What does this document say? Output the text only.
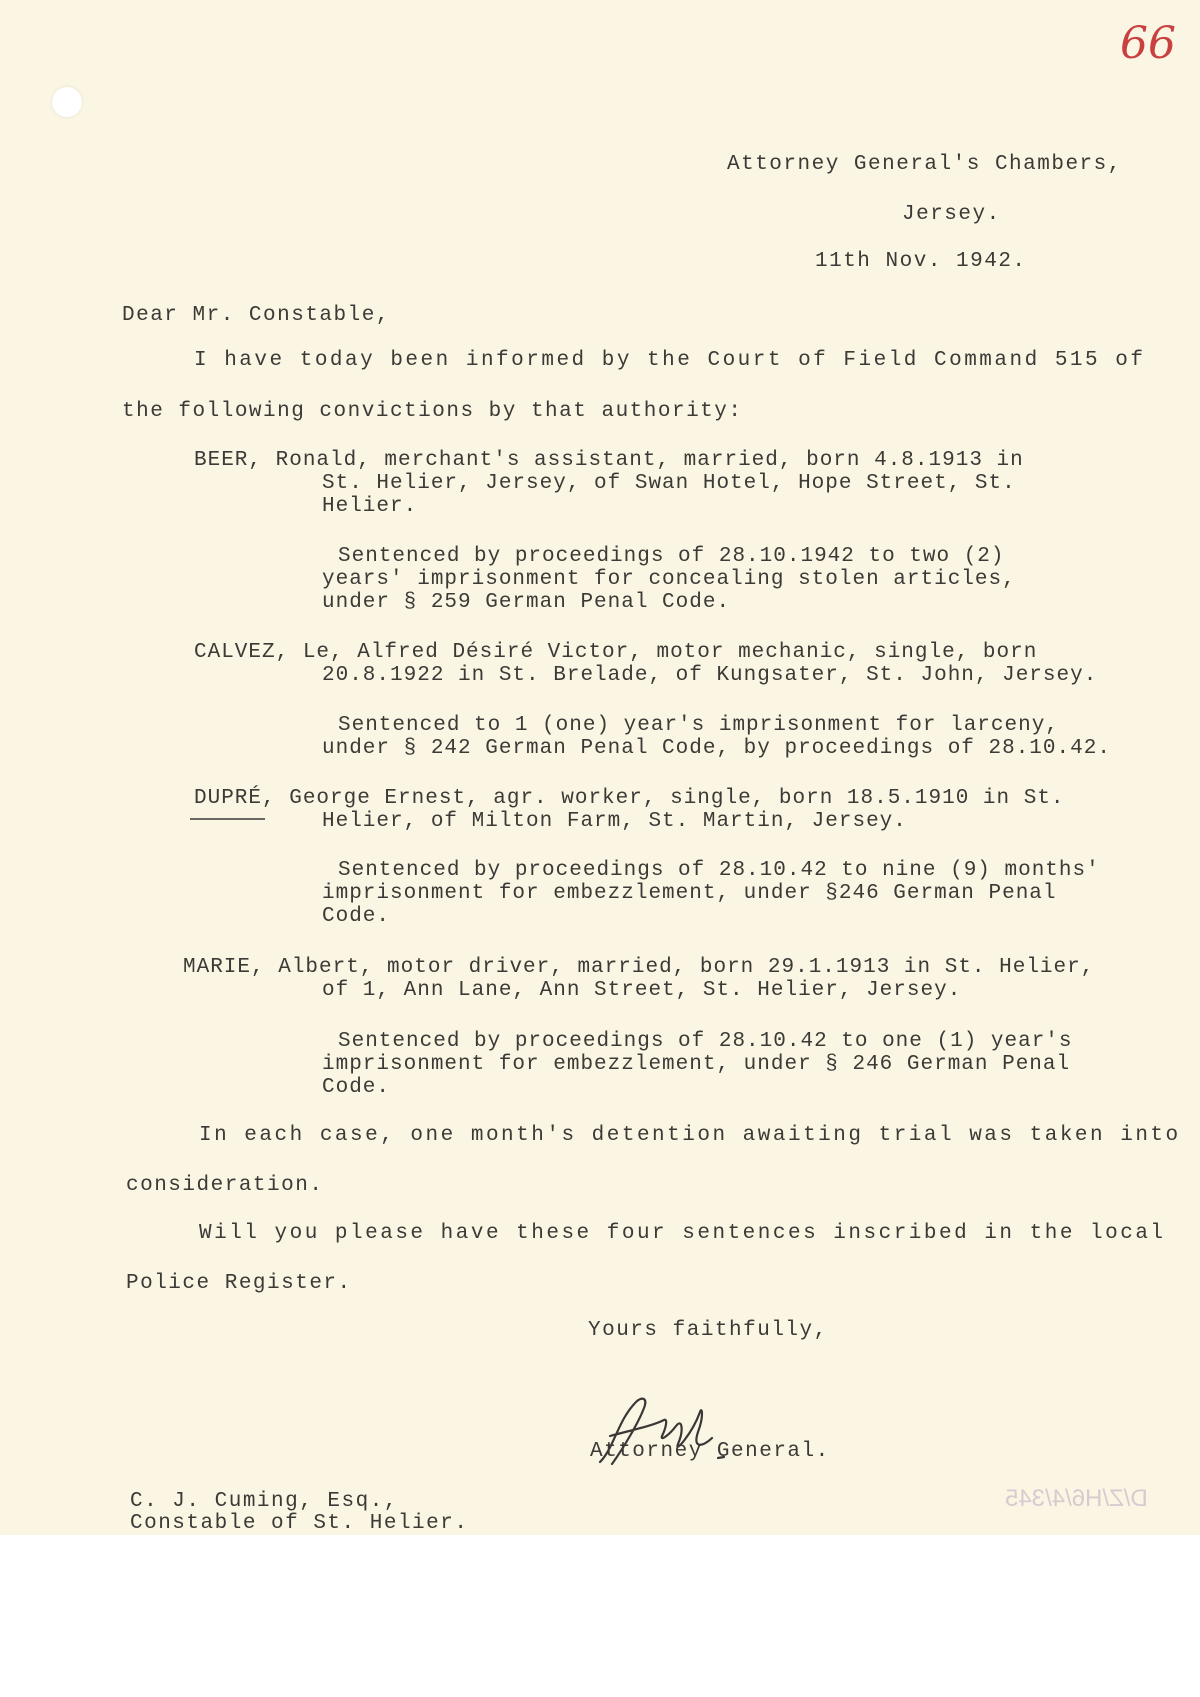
66
Attorney General's Chambers,
Jersey.
11th Nov. 1942.
Dear Mr. Constable,
I have today been informed by the Court of Field Command 515 of
the following convictions by that authority:
BEER, Ronald, merchant's assistant, married, born 4.8.1913 in
St. Helier, Jersey, of Swan Hotel, Hope Street, St.
Helier.
Sentenced by proceedings of 28.10.1942 to two (2)
years' imprisonment for concealing stolen articles,
under § 259 German Penal Code.
CALVEZ, Le, Alfred Désiré Victor, motor mechanic, single, born
20.8.1922 in St. Brelade, of Kungsater, St. John, Jersey.
Sentenced to 1 (one) year's imprisonment for larceny,
under § 242 German Penal Code, by proceedings of 28.10.42.
DUPRÉ, George Ernest, agr. worker, single, born 18.5.1910 in St.
Helier, of Milton Farm, St. Martin, Jersey.
Sentenced by proceedings of 28.10.42 to nine (9) months'
imprisonment for embezzlement, under §246 German Penal
Code.
MARIE, Albert, motor driver, married, born 29.1.1913 in St. Helier,
of 1, Ann Lane, Ann Street, St. Helier, Jersey.
Sentenced by proceedings of 28.10.42 to one (1) year's
imprisonment for embezzlement, under § 246 German Penal
Code.
In each case, one month's detention awaiting trial was taken into
consideration.
Will you please have these four sentences inscribed in the local
Police Register.
Yours faithfully,
Attorney General.
C. J. Cuming, Esq.,
Constable of St. Helier.
D/Z/H6/4/345
